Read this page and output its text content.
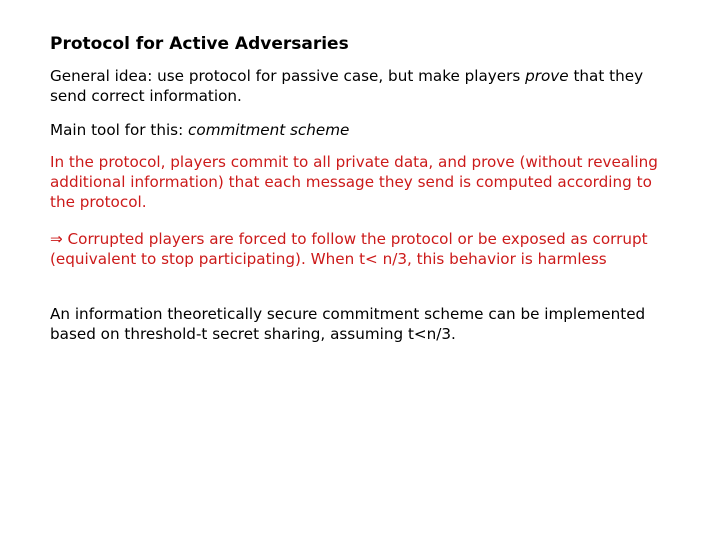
Protocol for Active Adversaries
General idea: use protocol for passive case, but make players prove that they send correct information.
Main tool for this: commitment scheme
In the protocol, players commit to all private data, and prove (without revealing additional information) that each message they send is computed according to the protocol.
⇒ Corrupted players are forced to follow the protocol or be exposed as corrupt (equivalent to stop participating). When t< n/3, this behavior is harmless
An information theoretically secure commitment scheme can be implemented based on threshold-t secret sharing, assuming t<n/3.
